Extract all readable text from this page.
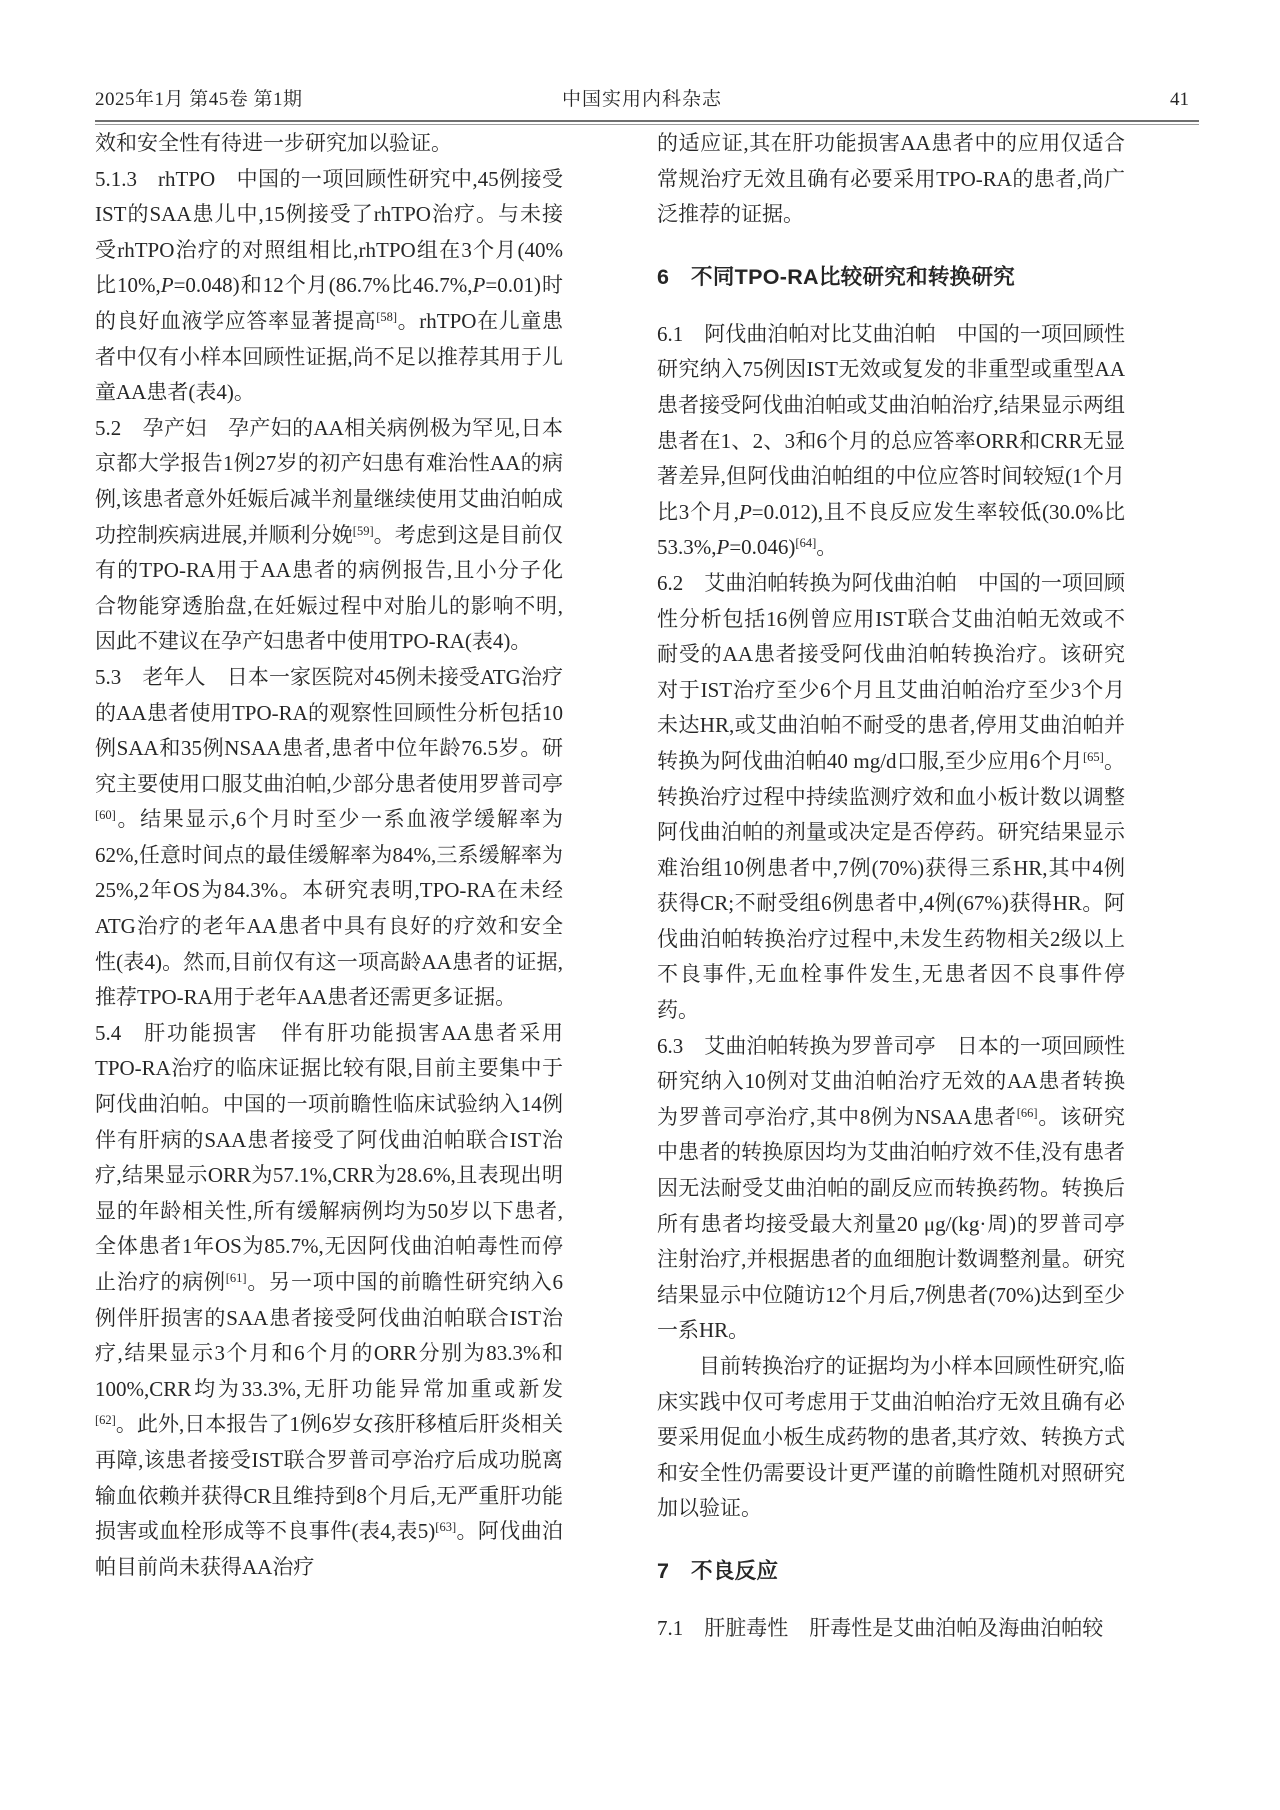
2025年1月 第45卷 第1期	中国实用内科杂志	41
效和安全性有待进一步研究加以验证。
5.1.3 rhTPO 中国的一项回顾性研究中,45例接受IST的SAA患儿中,15例接受了rhTPO治疗。与未接受rhTPO治疗的对照组相比,rhTPO组在3个月(40%比10%,P=0.048)和12个月(86.7%比46.7%,P=0.01)时的良好血液学应答率显著提高[58]。rhTPO在儿童患者中仅有小样本回顾性证据,尚不足以推荐其用于儿童AA患者(表4)。
5.2 孕产妇 孕产妇的AA相关病例极为罕见,日本京都大学报告1例27岁的初产妇患有难治性AA的病例,该患者意外妊娠后减半剂量继续使用艾曲泊帕成功控制疾病进展,并顺利分娩[59]。考虑到这是目前仅有的TPO-RA用于AA患者的病例报告,且小分子化合物能穿透胎盘,在妊娠过程中对胎儿的影响不明,因此不建议在孕产妇患者中使用TPO-RA(表4)。
5.3 老年人 日本一家医院对45例未接受ATG治疗的AA患者使用TPO-RA的观察性回顾性分析包括10例SAA和35例NSAA患者,患者中位年龄76.5岁。研究主要使用口服艾曲泊帕,少部分患者使用罗普司亭[60]。结果显示,6个月时至少一系血液学缓解率为62%,任意时间点的最佳缓解率为84%,三系缓解率为25%,2年OS为84.3%。本研究表明,TPO-RA在未经ATG治疗的老年AA患者中具有良好的疗效和安全性(表4)。然而,目前仅有这一项高龄AA患者的证据,推荐TPO-RA用于老年AA患者还需更多证据。
5.4 肝功能损害 伴有肝功能损害AA患者采用TPO-RA治疗的临床证据比较有限,目前主要集中于阿伐曲泊帕。中国的一项前瞻性临床试验纳入14例伴有肝病的SAA患者接受了阿伐曲泊帕联合IST治疗,结果显示ORR为57.1%,CRR为28.6%,且表现出明显的年龄相关性,所有缓解病例均为50岁以下患者,全体患者1年OS为85.7%,无因阿伐曲泊帕毒性而停止治疗的病例[61]。另一项中国的前瞻性研究纳入6例伴肝损害的SAA患者接受阿伐曲泊帕联合IST治疗,结果显示3个月和6个月的ORR分别为83.3%和100%,CRR均为33.3%,无肝功能异常加重或新发[62]。此外,日本报告了1例6岁女孩肝移植后肝炎相关再障,该患者接受IST联合罗普司亭治疗后成功脱离输血依赖并获得CR且维持到8个月后,无严重肝功能损害或血栓形成等不良事件(表4,表5)[63]。阿伐曲泊帕目前尚未获得AA治疗
的适应证,其在肝功能损害AA患者中的应用仅适合常规治疗无效且确有必要采用TPO-RA的患者,尚广泛推荐的证据。
6 不同TPO-RA比较研究和转换研究
6.1 阿伐曲泊帕对比艾曲泊帕 中国的一项回顾性研究纳入75例因IST无效或复发的非重型或重型AA患者接受阿伐曲泊帕或艾曲泊帕治疗,结果显示两组患者在1、2、3和6个月的总应答率ORR和CRR无显著差异,但阿伐曲泊帕组的中位应答时间较短(1个月比3个月,P=0.012),且不良反应发生率较低(30.0%比53.3%,P=0.046)[64]。
6.2 艾曲泊帕转换为阿伐曲泊帕 中国的一项回顾性分析包括16例曾应用IST联合艾曲泊帕无效或不耐受的AA患者接受阿伐曲泊帕转换治疗。该研究对于IST治疗至少6个月且艾曲泊帕治疗至少3个月未达HR,或艾曲泊帕不耐受的患者,停用艾曲泊帕并转换为阿伐曲泊帕40 mg/d口服,至少应用6个月[65]。转换治疗过程中持续监测疗效和血小板计数以调整阿伐曲泊帕的剂量或决定是否停药。研究结果显示难治组10例患者中,7例(70%)获得三系HR,其中4例获得CR;不耐受组6例患者中,4例(67%)获得HR。阿伐曲泊帕转换治疗过程中,未发生药物相关2级以上不良事件,无血栓事件发生,无患者因不良事件停药。
6.3 艾曲泊帕转换为罗普司亭 日本的一项回顾性研究纳入10例对艾曲泊帕治疗无效的AA患者转换为罗普司亭治疗,其中8例为NSAA患者[66]。该研究中患者的转换原因均为艾曲泊帕疗效不佳,没有患者因无法耐受艾曲泊帕的副反应而转换药物。转换后所有患者均接受最大剂量20 μg/(kg·周)的罗普司亭注射治疗,并根据患者的血细胞计数调整剂量。研究结果显示中位随访12个月后,7例患者(70%)达到至少一系HR。
目前转换治疗的证据均为小样本回顾性研究,临床实践中仅可考虑用于艾曲泊帕治疗无效且确有必要采用促血小板生成药物的患者,其疗效、转换方式和安全性仍需要设计更严谨的前瞻性随机对照研究加以验证。
7 不良反应
7.1 肝脏毒性 肝毒性是艾曲泊帕及海曲泊帕较
